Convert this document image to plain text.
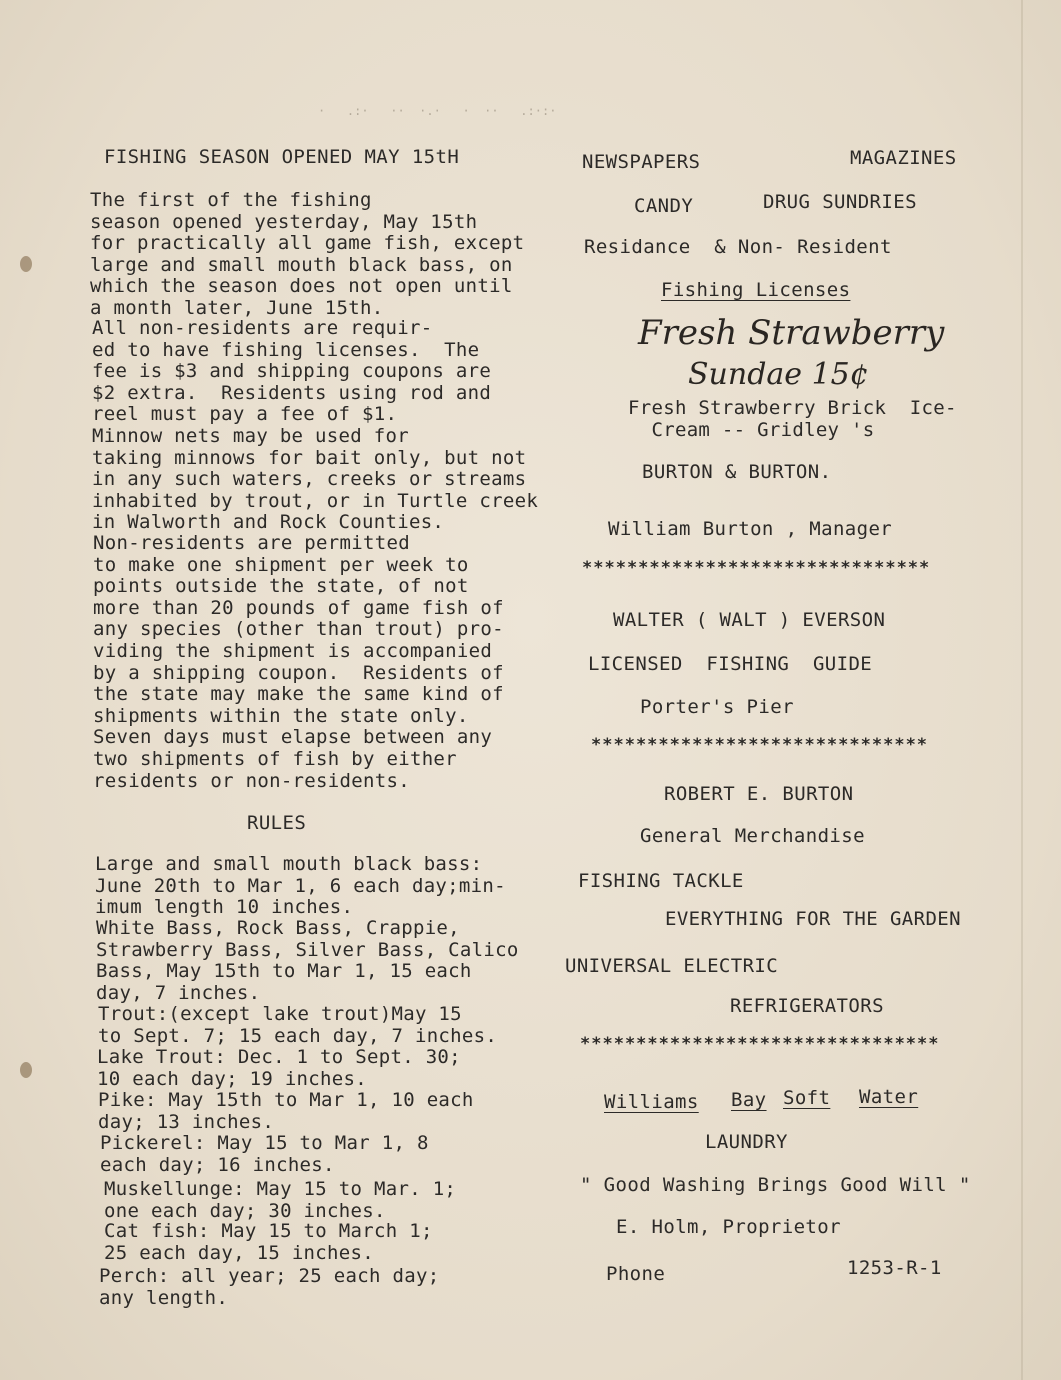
·   .:·   ··  ·.·   ·  ··   .:·:·
FISHING SEASON OPENED MAY 15tH
The first of the fishing
season opened yesterday, May 15th
for practically all game fish, except
large and small mouth black bass, on
which the season does not open until
a month later, June 15th.
All non-residents are requir-
ed to have fishing licenses.  The
fee is $3 and shipping coupons are
$2 extra.  Residents using rod and
reel must pay a fee of $1.
Minnow nets may be used for
taking minnows for bait only, but not
in any such waters, creeks or streams
inhabited by trout, or in Turtle creek
in Walworth and Rock Counties.
Non-residents are permitted
to make one shipment per week to
points outside the state, of not
more than 20 pounds of game fish of
any species (other than trout) pro-
viding the shipment is accompanied
by a shipping coupon.  Residents of
the state may make the same kind of
shipments within the state only.
Seven days must elapse between any
two shipments of fish by either
residents or non-residents.
RULES
Large and small mouth black bass:
June 20th to Mar 1, 6 each day;min-
imum length 10 inches.
White Bass, Rock Bass, Crappie,
Strawberry Bass, Silver Bass, Calico
Bass, May 15th to Mar 1, 15 each
day, 7 inches.
Trout:(except lake trout)May 15
to Sept. 7; 15 each day, 7 inches.
Lake Trout: Dec. 1 to Sept. 30;
10 each day; 19 inches.
Pike: May 15th to Mar 1, 10 each
day; 13 inches.
Pickerel: May 15 to Mar 1, 8
each day; 16 inches.
Muskellunge: May 15 to Mar. 1;
one each day; 30 inches.
Cat fish: May 15 to March 1;
25 each day, 15 inches.
Perch: all year; 25 each day;
any length.
NEWSPAPERS	MAGAZINES
CANDY	DRUG SUNDRIES
Residance  & Non- Resident
Fishing Licenses
Fresh Strawberry
Sundae 15¢
Fresh Strawberry Brick  Ice-
Cream -- Gridley 's
BURTON & BURTON.
William Burton , Manager
*******************************
WALTER ( WALT ) EVERSON
LICENSED  FISHING  GUIDE
Porter's Pier
******************************
ROBERT E. BURTON
General Merchandise
FISHING TACKLE
EVERYTHING FOR THE GARDEN
UNIVERSAL ELECTRIC
REFRIGERATORS
********************************
Williams Bay Soft Water
LAUNDRY
" Good Washing Brings Good Will "
E. Holm, Proprietor
Phone	1253-R-1
